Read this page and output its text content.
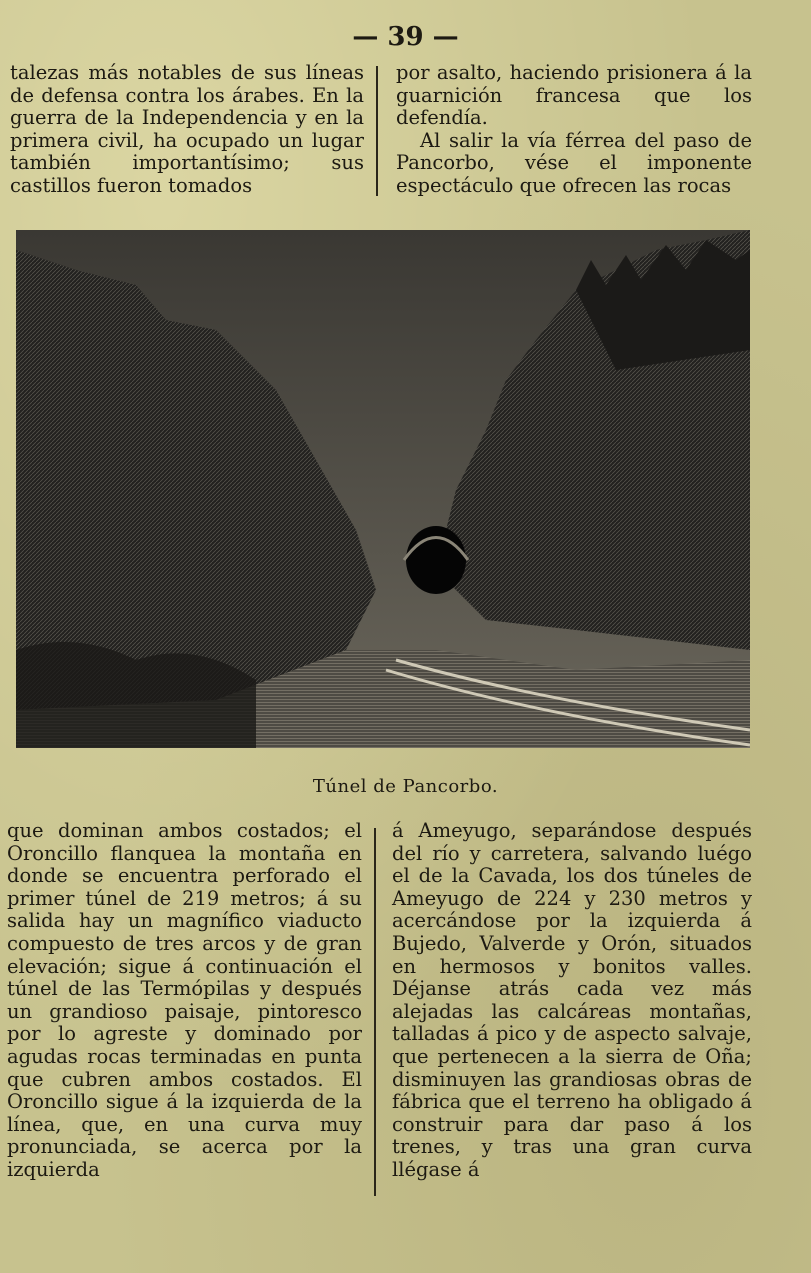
— 39 —

talezas más notables de sus líneas de defensa contra los árabes. En la guerra de la Independencia y en la primera civil, ha ocupado un lugar también importantísimo; sus castillos fueron tomados

por asalto, haciendo prisionera á la guarnición francesa que los defendía.

Al salir la vía férrea del paso de Pancorbo, vése el imponente espectáculo que ofrecen las rocas

Túnel de Pancorbo.

que dominan ambos costados; el Oroncillo flanquea la montaña en donde se encuentra perforado el primer túnel de 219 metros; á su salida hay un magnífico viaducto compuesto de tres arcos y de gran elevación; sigue á continuación el túnel de las Termópilas y después un grandioso paisaje, pintoresco por lo agreste y dominado por agudas rocas terminadas en punta que cubren ambos costados. El Oroncillo sigue á la izquierda de la línea, que, en una curva muy pronunciada, se acerca por la izquierda

á Ameyugo, separándose después del río y carretera, salvando luégo el de la Cavada, los dos túneles de Ameyugo de 224 y 230 metros y acercándose por la izquierda á Bujedo, Valverde y Orón, situados en hermosos y bonitos valles. Déjanse atrás cada vez más alejadas las calcáreas montañas, talladas á pico y de aspecto salvaje, que pertenecen a la sierra de Oña; disminuyen las grandiosas obras de fábrica que el terreno ha obligado á construir para dar paso á los trenes, y tras una gran curva llégase á
